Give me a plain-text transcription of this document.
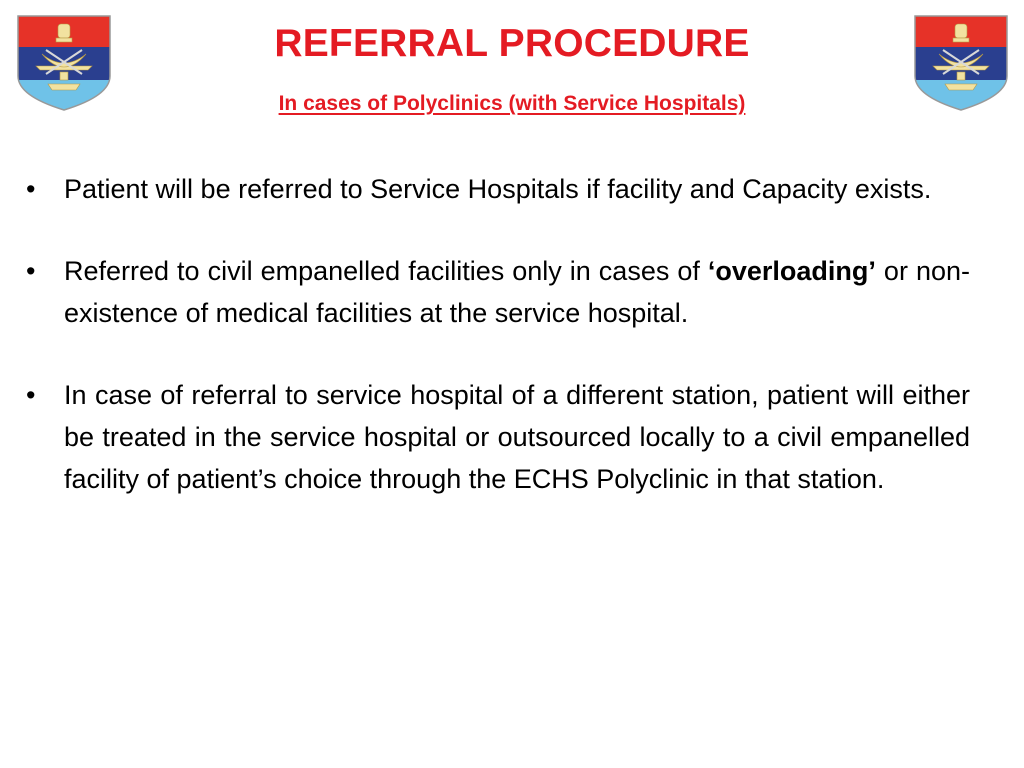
REFERRAL PROCEDURE
In cases of Polyclinics (with Service Hospitals)
•	Patient will be referred to Service Hospitals if facility and Capacity exists.
•	Referred to civil empanelled facilities only in cases of ‘overloading’ or non-existence of medical facilities at the service hospital.
•	In case of referral to service hospital of a different station, patient will either be treated in the service hospital or outsourced locally to a civil empanelled facility of patient’s choice through the ECHS Polyclinic in that station.
